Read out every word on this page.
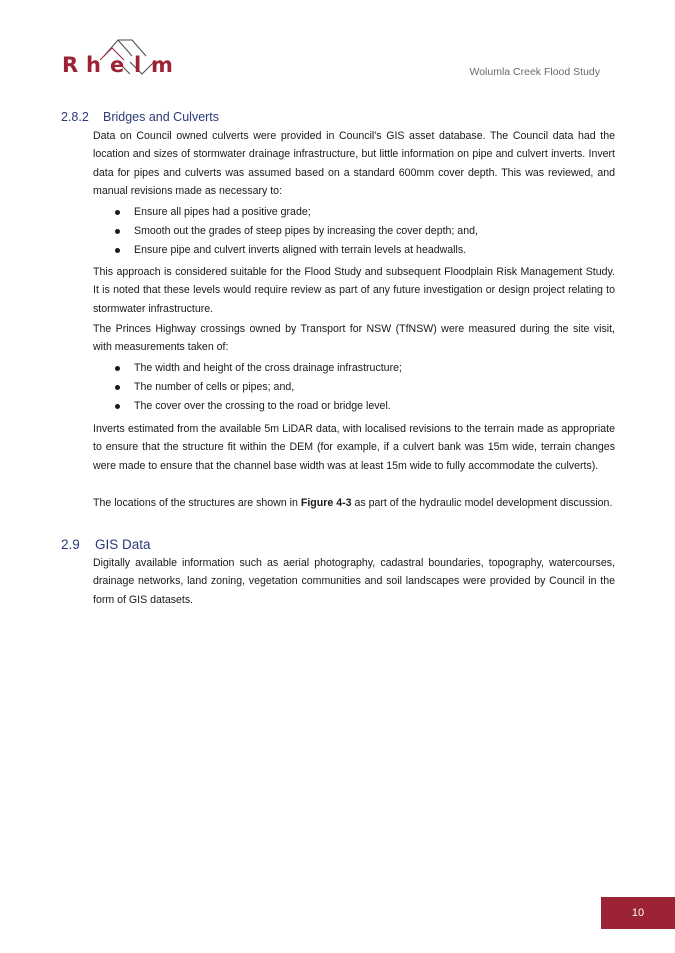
R h e l m	Wolumla Creek Flood Study
2.8.2 Bridges and Culverts

Data on Council owned culverts were provided in Council's GIS asset database. The Council data had the location and sizes of stormwater drainage infrastructure, but little information on pipe and culvert inverts. Invert data for pipes and culverts was assumed based on a standard 600mm cover depth. This was reviewed, and manual revisions made as necessary to:

Ensure all pipes had a positive grade;
Smooth out the grades of steep pipes by increasing the cover depth; and,
Ensure pipe and culvert inverts aligned with terrain levels at headwalls.

This approach is considered suitable for the Flood Study and subsequent Floodplain Risk Management Study. It is noted that these levels would require review as part of any future investigation or design project relating to stormwater infrastructure.

The Princes Highway crossings owned by Transport for NSW (TfNSW) were measured during the site visit, with measurements taken of:

The width and height of the cross drainage infrastructure;
The number of cells or pipes; and,
The cover over the crossing to the road or bridge level.

Inverts estimated from the available 5m LiDAR data, with localised revisions to the terrain made as appropriate to ensure that the structure fit within the DEM (for example, if a culvert bank was 15m wide, terrain changes were made to ensure that the channel base width was at least 15m wide to fully accommodate the culverts).

The locations of the structures are shown in Figure 4-3 as part of the hydraulic model development discussion.

2.9 GIS Data

Digitally available information such as aerial photography, cadastral boundaries, topography, watercourses, drainage networks, land zoning, vegetation communities and soil landscapes were provided by Council in the form of GIS datasets.

10
